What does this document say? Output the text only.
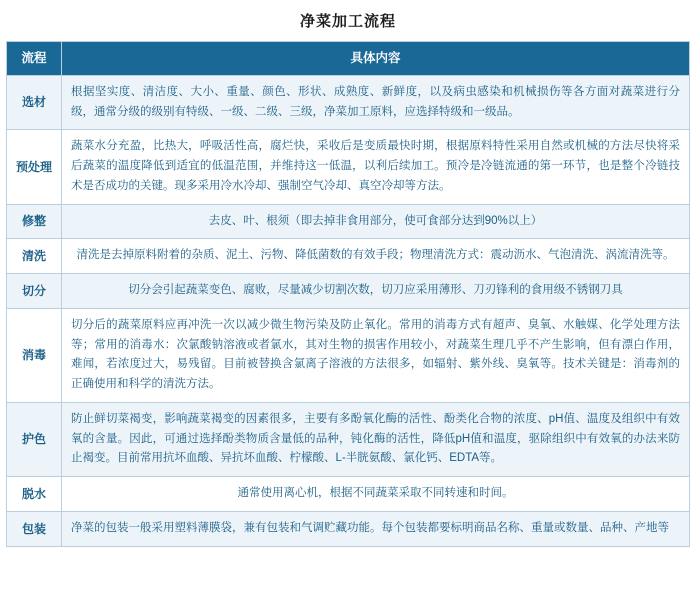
净菜加工流程
流程	具体内容
选材	根据坚实度、清洁度、大小、重量、颜色、形状、成熟度、新鲜度，以及病虫感染和机械损伤等各方面对蔬菜进行分级，通常分级的级别有特级、一级、二级、三级，净菜加工原料，应选择特级和一级品。
预处理	蔬菜水分充盈，比热大，呼吸活性高，腐烂快，采收后是变质最快时期，根据原料特性采用自然或机械的方法尽快将采后蔬菜的温度降低到适宜的低温范围，并维持这一低温，以利后续加工。预冷是冷链流通的第一环节，也是整个冷链技术是否成功的关键。现多采用冷水冷却、强制空气冷却、真空冷却等方法。
修整	去皮、叶、根须（即去掉非食用部分，使可食部分达到90%以上）
清洗	清洗是去掉原料附着的杂质、泥土、污物、降低菌数的有效手段；物理清洗方式：震动沥水、气泡清洗、涡流清洗等。
切分	切分会引起蔬菜变色、腐败，尽量减少切割次数，切刀应采用薄形、刀刃锋利的食用级不锈钢刀具
消毒	切分后的蔬菜原料应再冲洗一次以减少微生物污染及防止氧化。常用的消毒方式有超声、臭氧、水触媒、化学处理方法等；常用的消毒水：次氯酸钠溶液或者氯水，其对生物的损害作用较小，对蔬菜生理几乎不产生影响，但有漂白作用，难闻，若浓度过大，易残留。目前被替换含氯离子溶液的方法很多，如辐射、紫外线、臭氧等。技术关键是：消毒剂的正确使用和科学的清洗方法。
护色	防止鲜切菜褐变，影响蔬菜褐变的因素很多，主要有多酚氧化酶的活性、酚类化合物的浓度、pH值、温度及组织中有效氧的含量。因此，可通过选择酚类物质含量低的品种，钝化酶的活性，降低pH值和温度，驱除组织中有效氧的办法来防止褐变。目前常用抗坏血酸、异抗坏血酸、柠檬酸、L-半胱氨酸、氯化钙、EDTA等。
脱水	通常使用离心机，根据不同蔬菜采取不同转速和时间。
包装	净菜的包装一般采用塑料薄膜袋，兼有包装和气调贮藏功能。每个包装都要标明商品名称、重量或数量、品种、产地等
